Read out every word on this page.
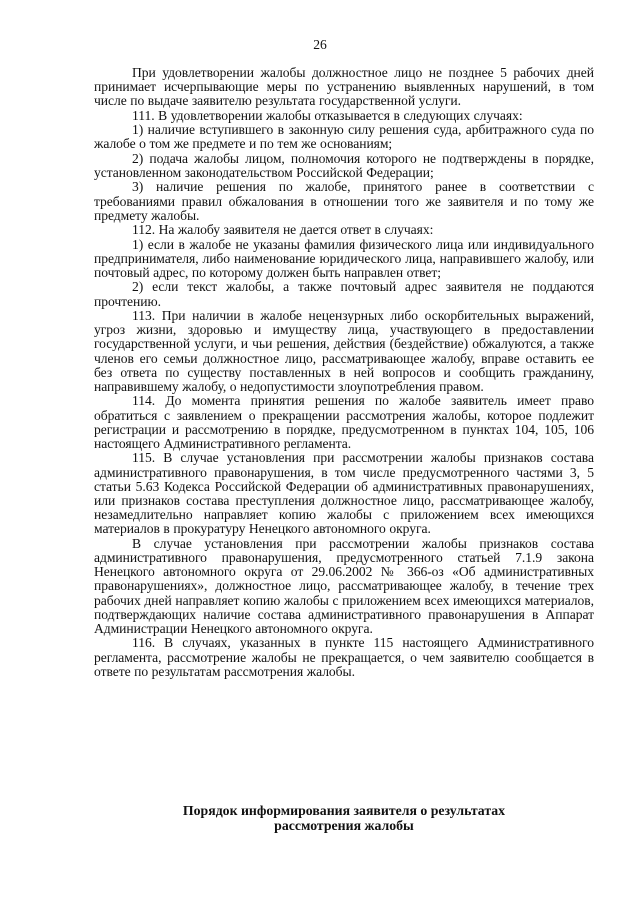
26

При удовлетворении жалобы должностное лицо не позднее 5 рабочих дней принимает исчерпывающие меры по устранению выявленных нарушений, в том числе по выдаче заявителю результата государственной услуги.

111. В удовлетворении жалобы отказывается в следующих случаях:

1) наличие вступившего в законную силу решения суда, арбитражного суда по жалобе о том же предмете и по тем же основаниям;

2) подача жалобы лицом, полномочия которого не подтверждены в порядке, установленном законодательством Российской Федерации;

3) наличие решения по жалобе, принятого ранее в соответствии с требованиями правил обжалования в отношении того же заявителя и по тому же предмету жалобы.

112. На жалобу заявителя не дается ответ в случаях:

1) если в жалобе не указаны фамилия физического лица или индивидуального предпринимателя, либо наименование юридического лица, направившего жалобу, или почтовый адрес, по которому должен быть направлен ответ;

2) если текст жалобы, а также почтовый адрес заявителя не поддаются прочтению.

113. При наличии в жалобе нецензурных либо оскорбительных выражений, угроз жизни, здоровью и имуществу лица, участвующего в предоставлении государственной услуги, и чьи решения, действия (бездействие) обжалуются, а также членов его семьи должностное лицо, рассматривающее жалобу, вправе оставить ее без ответа по существу поставленных в ней вопросов и сообщить гражданину, направившему жалобу, о недопустимости злоупотребления правом.

114. До момента принятия решения по жалобе заявитель имеет право обратиться с заявлением о прекращении рассмотрения жалобы, которое подлежит регистрации и рассмотрению в порядке, предусмотренном в пунктах 104, 105, 106 настоящего Административного регламента.

115. В случае установления при рассмотрении жалобы признаков состава административного правонарушения, в том числе предусмотренного частями 3, 5 статьи 5.63 Кодекса Российской Федерации об административных правонарушениях, или признаков состава преступления должностное лицо, рассматривающее жалобу, незамедлительно направляет копию жалобы с приложением всех имеющихся материалов в прокуратуру Ненецкого автономного округа.

В случае установления при рассмотрении жалобы признаков состава административного правонарушения, предусмотренного статьей 7.1.9 закона Ненецкого автономного округа от 29.06.2002 № 366-оз «Об административных правонарушениях», должностное лицо, рассматривающее жалобу, в течение трех рабочих дней направляет копию жалобы с приложением всех имеющихся материалов, подтверждающих наличие состава административного правонарушения в Аппарат Администрации Ненецкого автономного округа.

116. В случаях, указанных в пункте 115 настоящего Административного регламента, рассмотрение жалобы не прекращается, о чем заявителю сообщается в ответе по результатам рассмотрения жалобы.

Порядок информирования заявителя о результатах
рассмотрения жалобы
